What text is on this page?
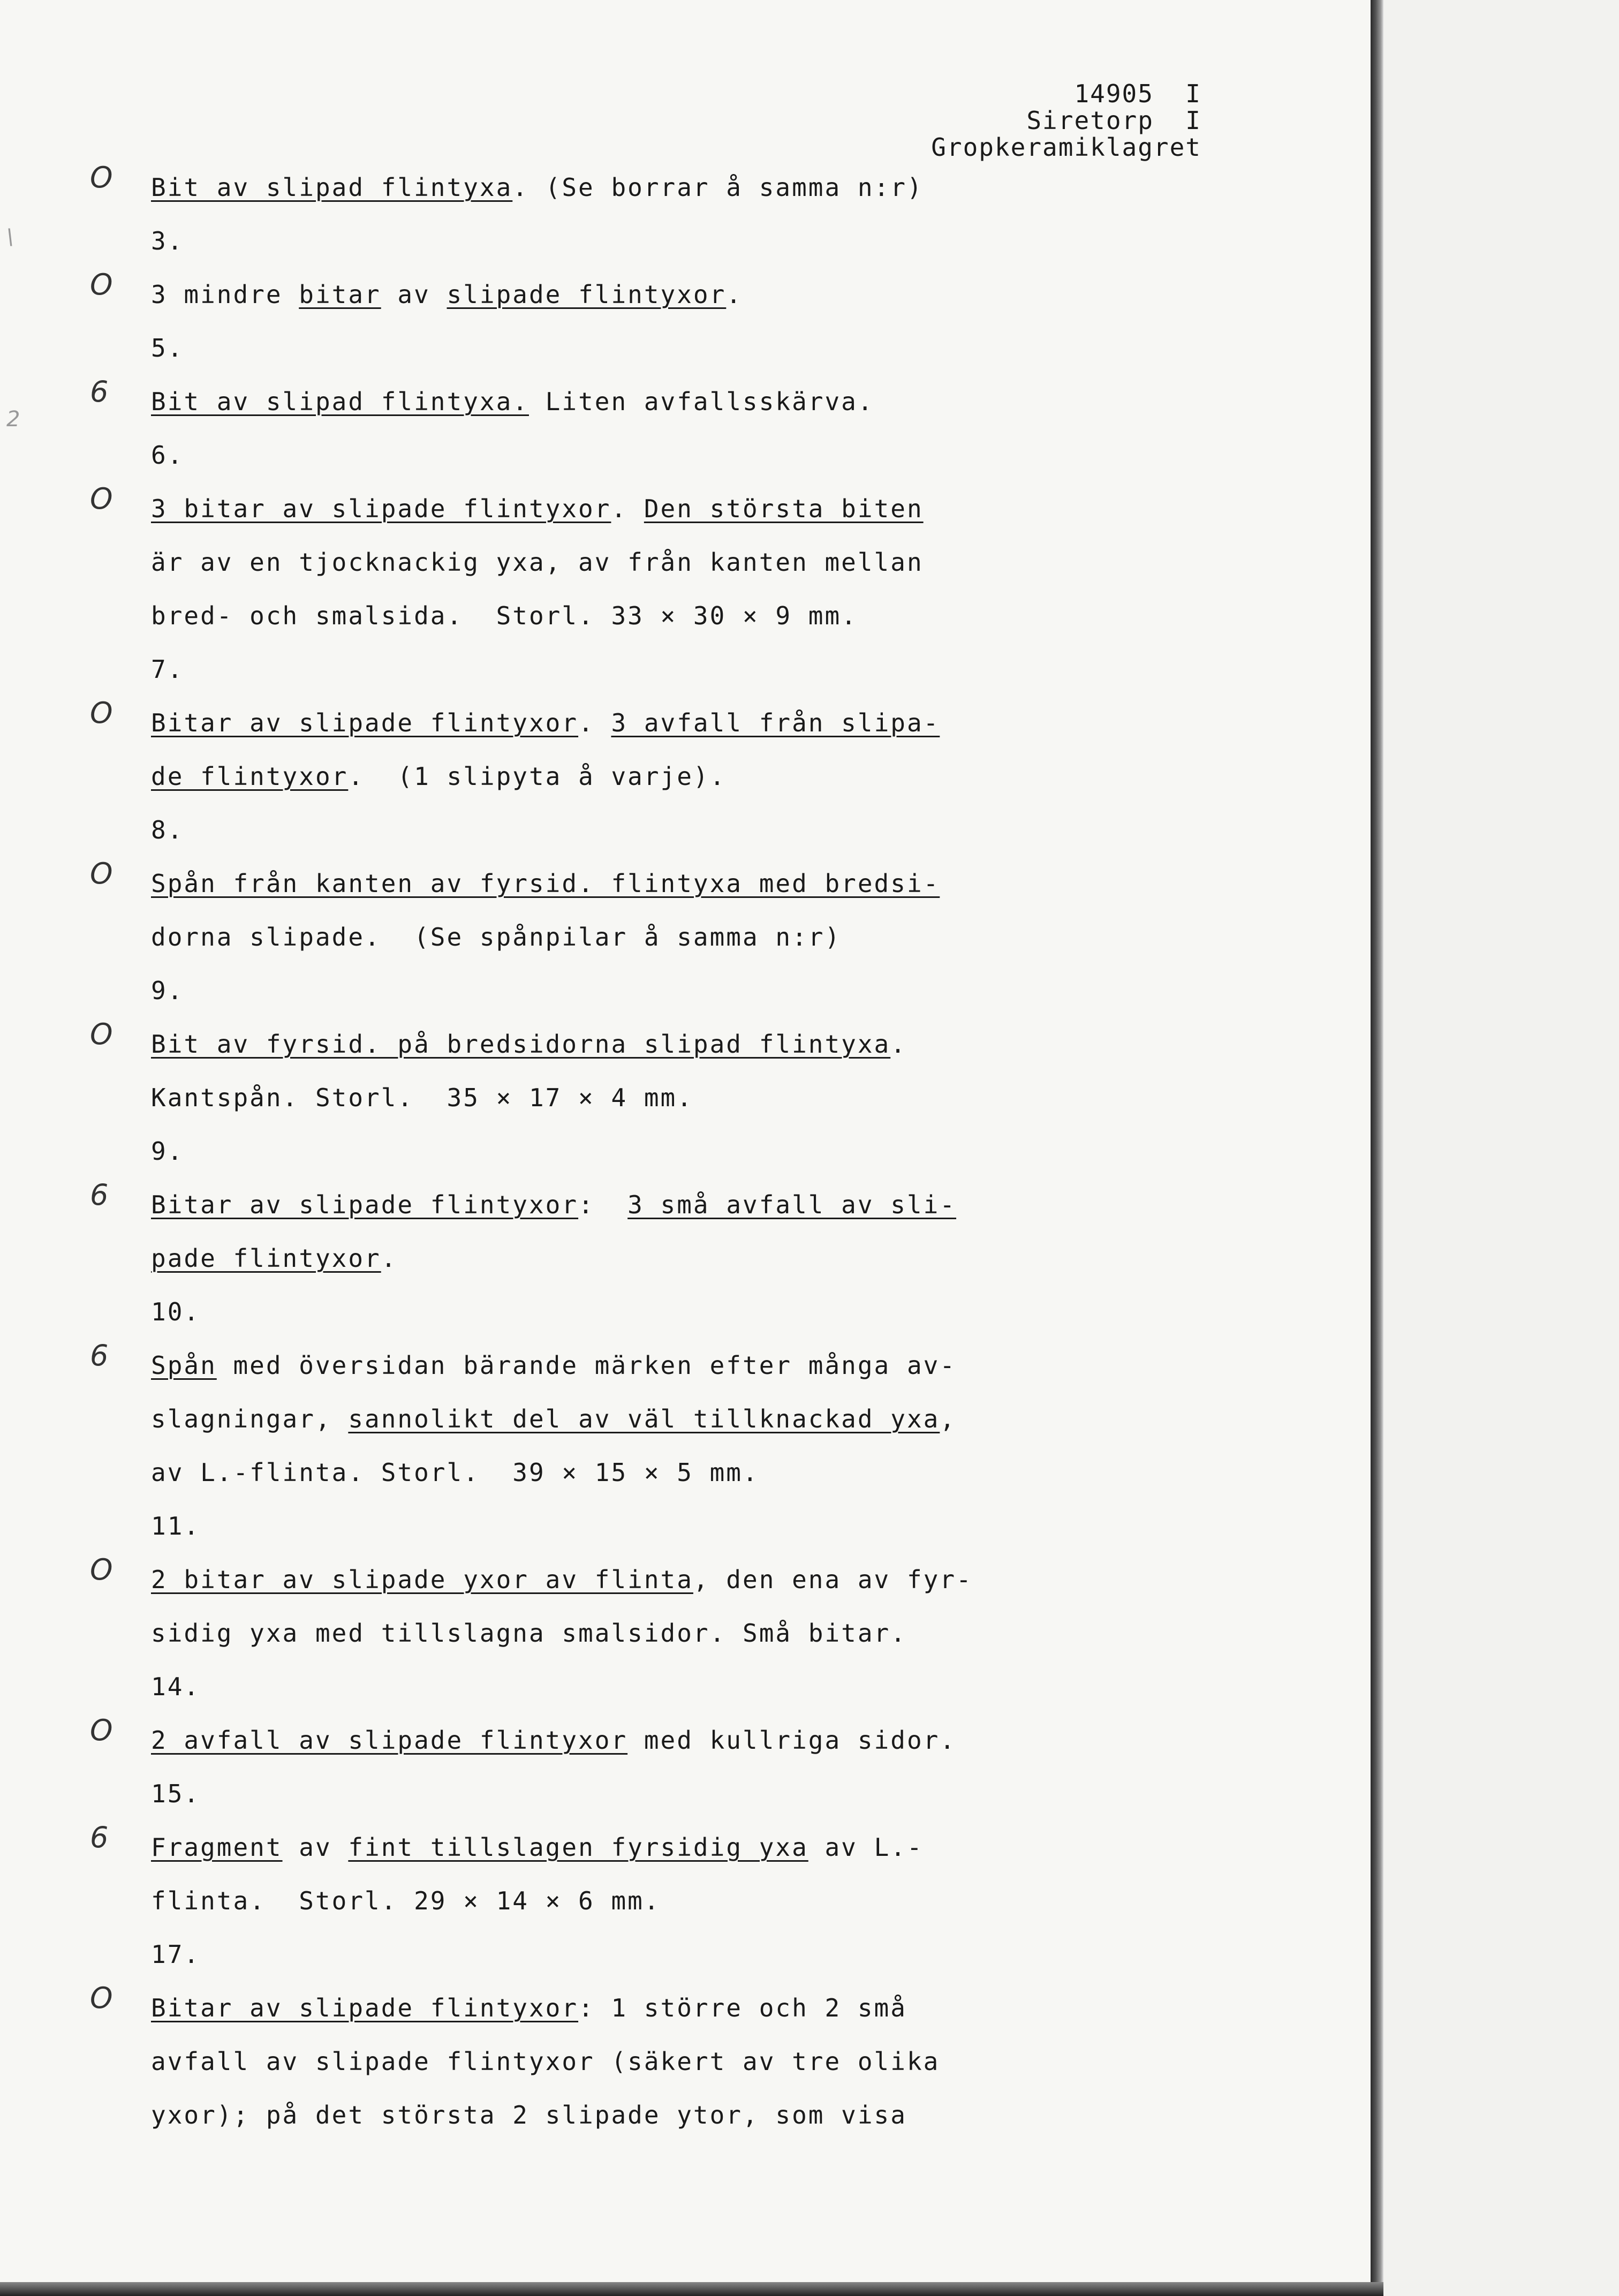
14905  I
Siretorp  I
Gropkeramiklagret
Bit av slipad flintyxa. (Se borrar å samma n:r)
3.
3 mindre bitar av slipade flintyxor.
5.
Bit av slipad flintyxa. Liten avfallsskärva.
6.
3 bitar av slipade flintyxor. Den största biten
är av en tjocknackig yxa, av från kanten mellan
bred- och smalsida.  Storl. 33 × 30 × 9 mm.
7.
Bitar av slipade flintyxor. 3 avfall från slipa-
de flintyxor.  (1 slipyta å varje).
8.
Spån från kanten av fyrsid. flintyxa med bredsi-
dorna slipade.  (Se spånpilar å samma n:r)
9.
Bit av fyrsid. på bredsidorna slipad flintyxa.
Kantspån. Storl.  35 × 17 × 4 mm.
9.
Bitar av slipade flintyxor:  3 små avfall av sli-
pade flintyxor.
10.
Spån med översidan bärande märken efter många av-
slagningar, sannolikt del av väl tillknackad yxa,
av L.-flinta. Storl.  39 × 15 × 5 mm.
11.
2 bitar av slipade yxor av flinta, den ena av fyr-
sidig yxa med tillslagna smalsidor. Små bitar.
14.
2 avfall av slipade flintyxor med kullriga sidor.
15.
Fragment av fint tillslagen fyrsidig yxa av L.-
flinta.  Storl. 29 × 14 × 6 mm.
17.
Bitar av slipade flintyxor: 1 större och 2 små
avfall av slipade flintyxor (säkert av tre olika
yxor); på det största 2 slipade ytor, som visa
O
O
6
O
O
O
O
6
6
O
O
6
O
\
2
